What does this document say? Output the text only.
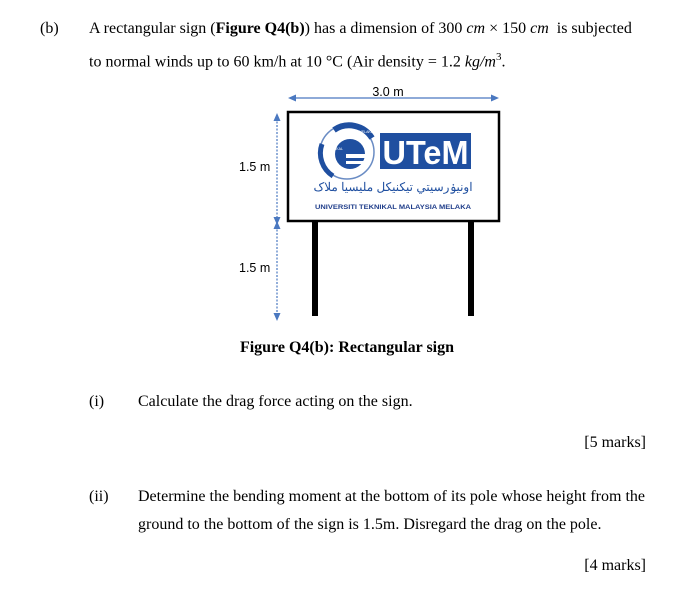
(b) A rectangular sign (Figure Q4(b)) has a dimension of 300 cm × 150 cm is subjected
to normal winds up to 60 km/h at 10 °C (Air density = 1.2 $kg/m^3$.
3.0 m
1.5 m
1.5 m
MALAYSIA MELAKA
TEKNIKAL UTeM
اونيۏرسيتي تيکنيکل مليسيا ملاک
UNIVERSITI TEKNIKAL MALAYSIA MELAKA
Figure Q4(b): Rectangular sign
(i) Calculate the drag force acting on the sign.
[5 marks]
(ii) Determine the bending moment at the bottom of its pole whose height from the
ground to the bottom of the sign is 1.5m. Disregard the drag on the pole.
[4 marks]
